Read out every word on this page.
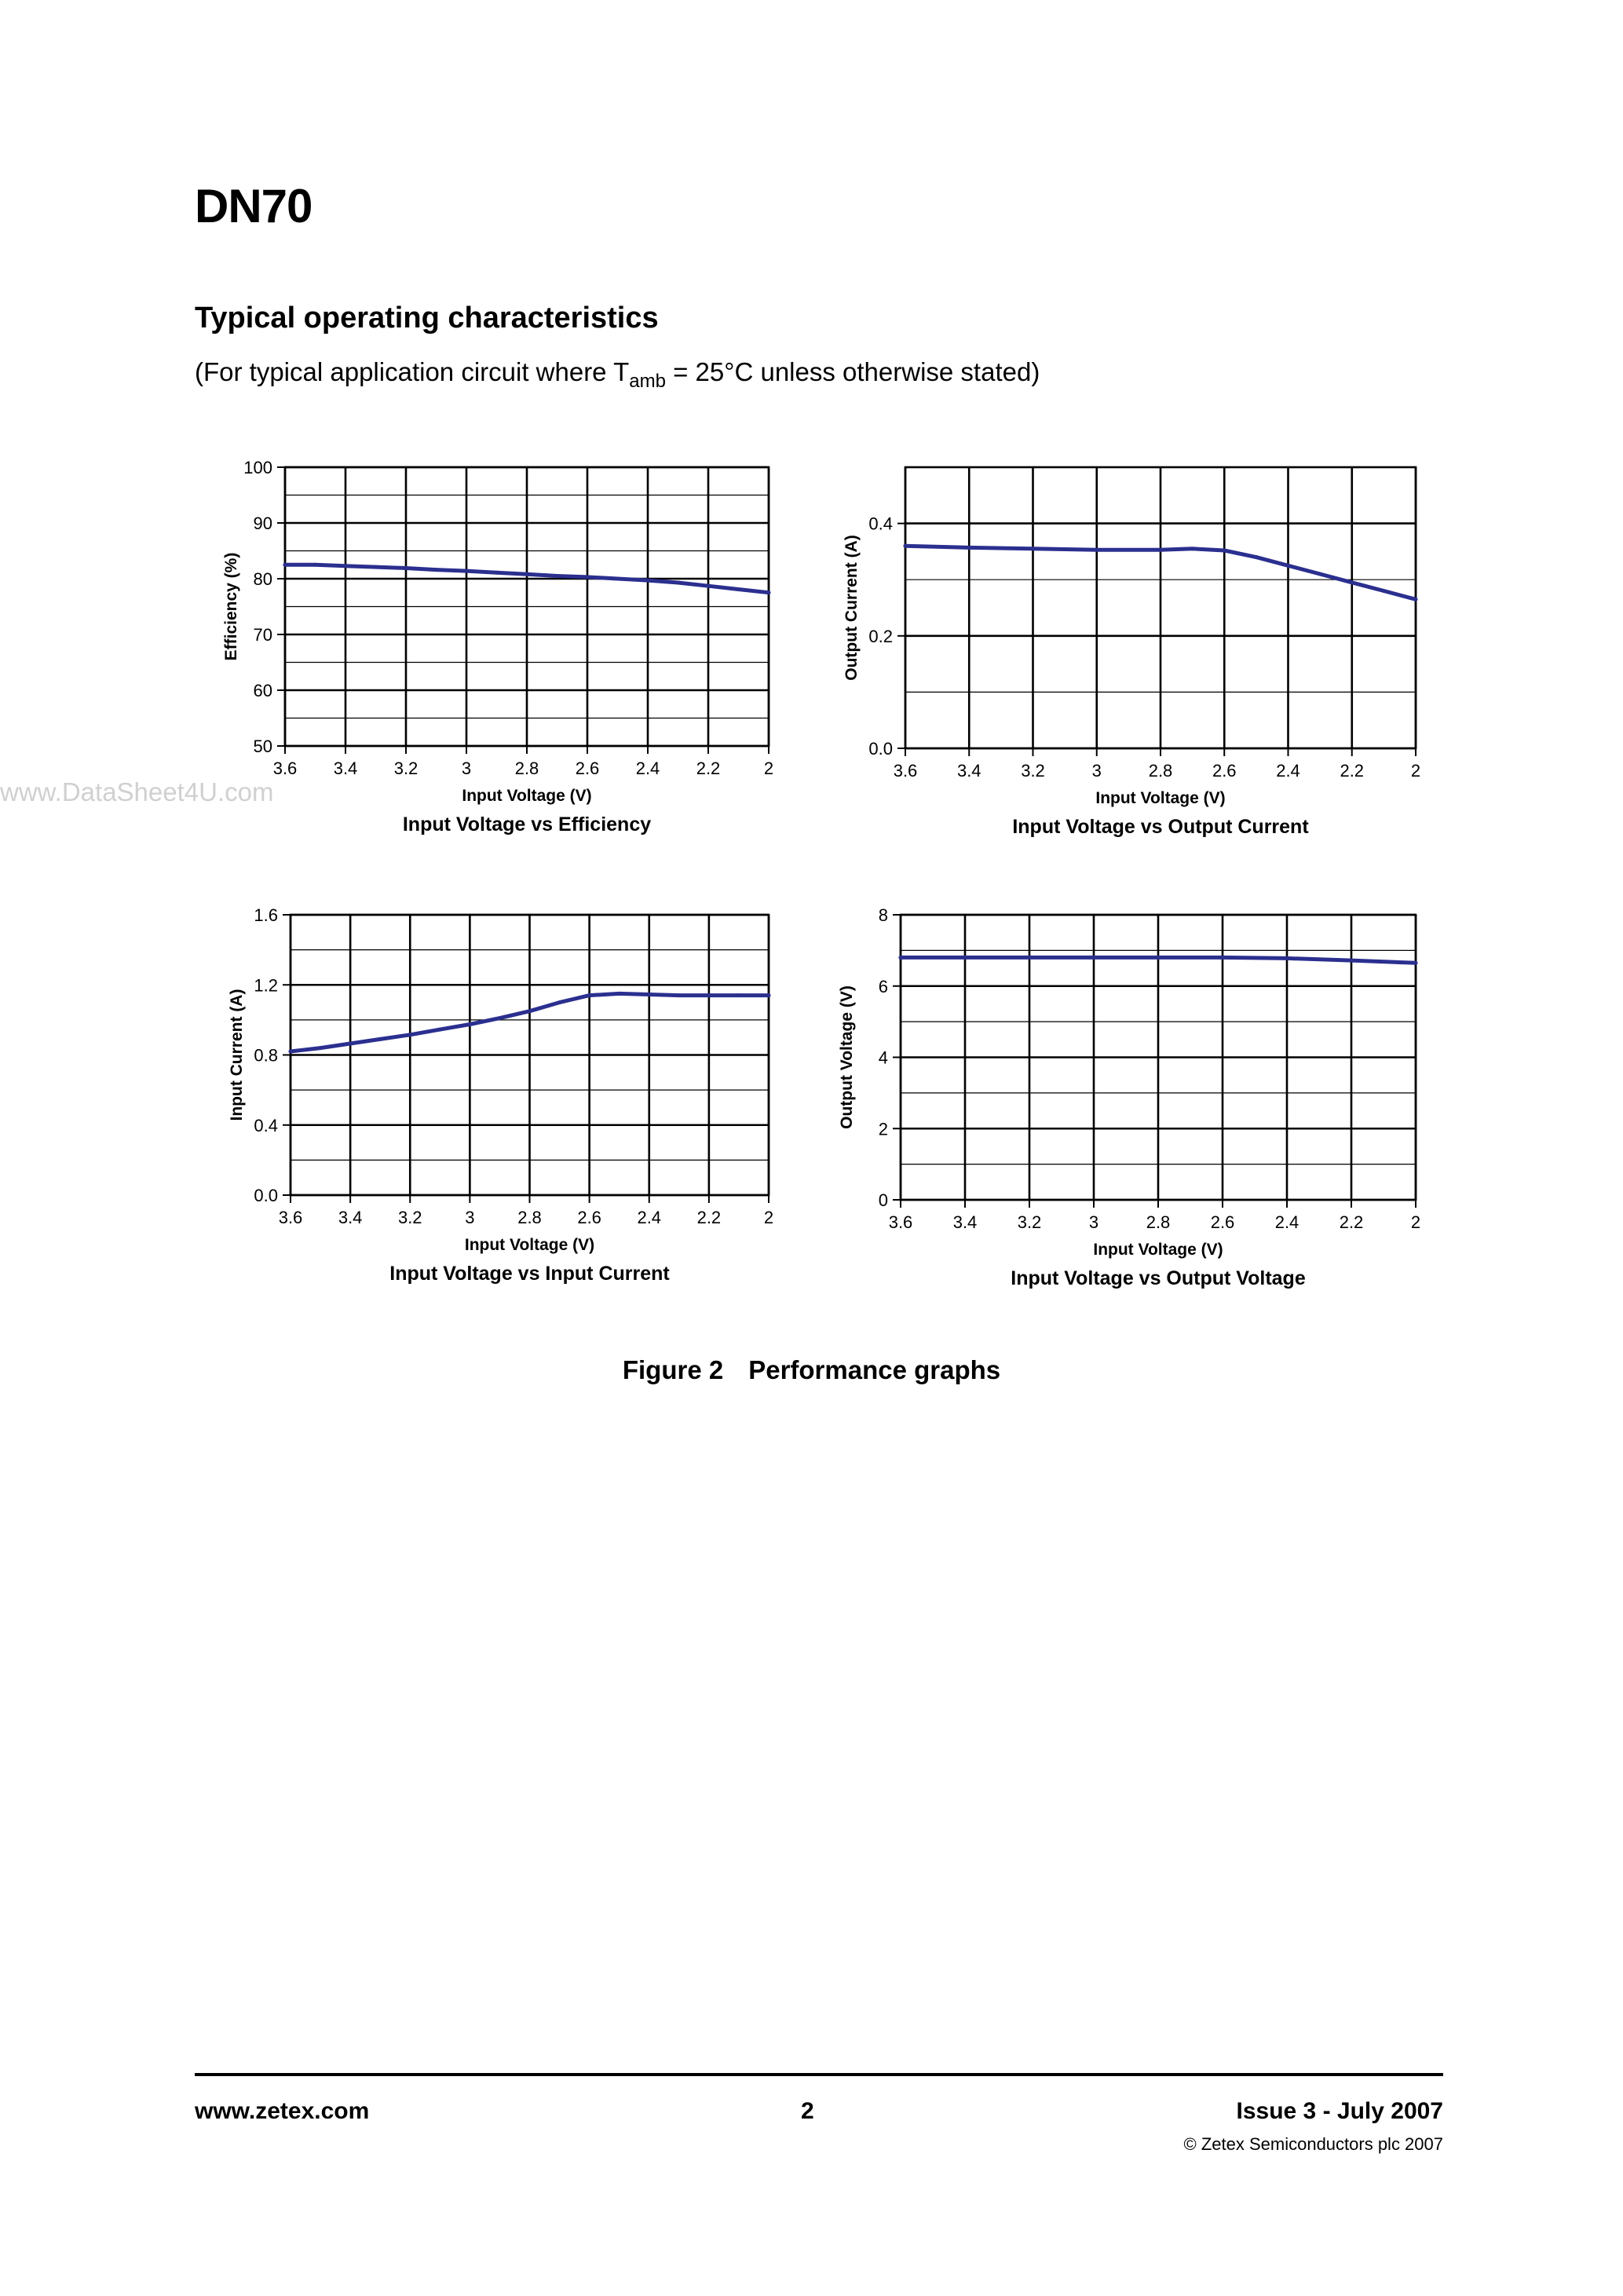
DN70
Typical operating characteristics
(For typical application circuit where $T_{amb} = 25^\circ C$ unless otherwise stated)
www.DataSheet4U.com
50
60
70
80
90
100
3.6 3.4 3.2	3	2.8 2.6 2.4 2.2	2
Input Voltage (V)
Efficiency (%)
Input Voltage vs Efficiency
0.0
0.2
0.4
3.6 3.4 3.2	3	2.8 2.6 2.4 2.2	2
Input Voltage (V)
Output Current (A)
Input Voltage vs Output Current
0.0
0.4
0.8
1.2
1.6
3.6 3.4 3.2 3 2.8 2.6 2.4 2.2 2
Input Voltage (V)
Input Current (A)
Input Voltage vs Input Current
0
2
4
6
8
3.6 3.4 3.2	3	2.8 2.6 2.4 2.2	2
Input Voltage (V)
Output Voltage (V)
Input Voltage vs Output Voltage
Figure 2 Performance graphs
www.zetex.com	2	Issue 3 - July 2007
© Zetex Semiconductors plc 2007
